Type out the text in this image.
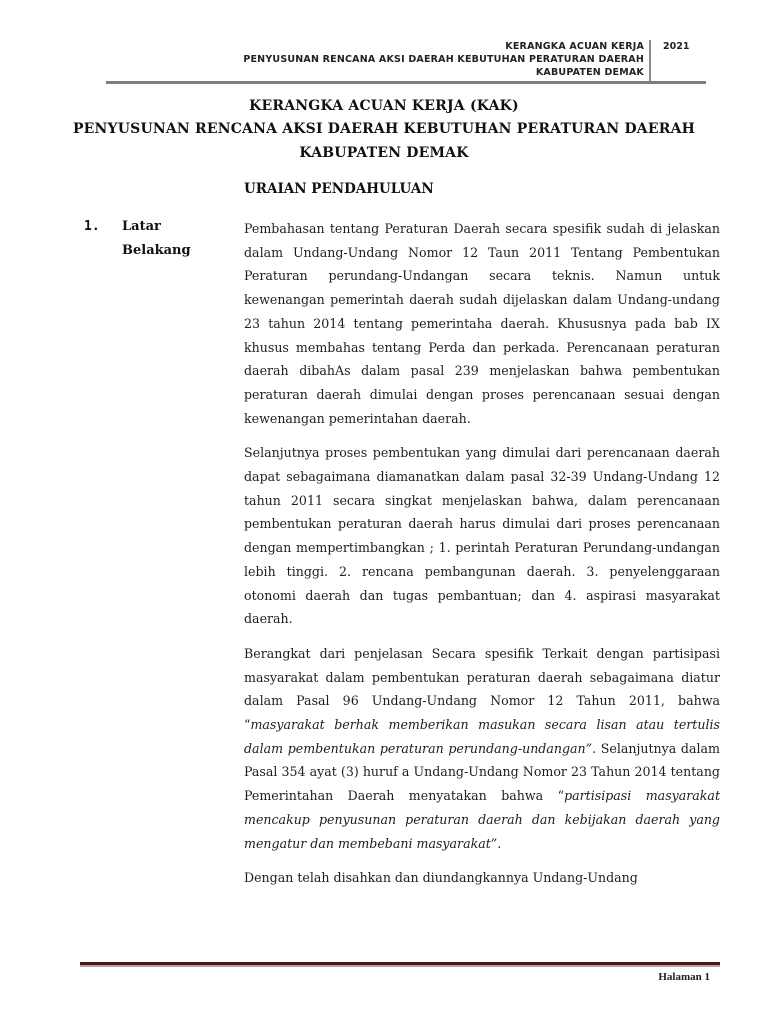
KERANGKA ACUAN KERJA
PENYUSUNAN RENCANA AKSI DAERAH KEBUTUHAN PERATURAN DAERAH
KABUPATEN DEMAK
2021
KERANGKA ACUAN KERJA (KAK)
PENYUSUNAN RENCANA AKSI DAERAH KEBUTUHAN PERATURAN DAERAH
KABUPATEN DEMAK
URAIAN PENDAHULUAN
1. Latar
Belakang

Pembahasan tentang Peraturan Daerah secara spesifik sudah di jelaskan dalam Undang-Undang Nomor 12 Taun 2011 Tentang Pembentukan Peraturan perundang-Undangan secara teknis. Namun untuk kewenangan pemerintah daerah sudah dijelaskan dalam Undang-undang 23 tahun 2014 tentang pemerintaha daerah. Khususnya pada bab IX khusus membahas tentang Perda dan perkada. Perencanaan peraturan daerah dibahAs dalam pasal 239 menjelaskan bahwa pembentukan peraturan daerah dimulai dengan proses perencanaan sesuai dengan kewenangan pemerintahan daerah.

Selanjutnya proses pembentukan yang dimulai dari perencanaan daerah dapat sebagaimana diamanatkan dalam pasal 32-39 Undang-Undang 12 tahun 2011 secara singkat menjelaskan bahwa, dalam perencanaan pembentukan peraturan daerah harus dimulai dari proses perencanaan dengan mempertimbangkan ; 1. perintah Peraturan Perundang-undangan lebih tinggi. 2. rencana pembangunan daerah. 3. penyelenggaraan otonomi daerah dan tugas pembantuan; dan 4. aspirasi masyarakat daerah.

Berangkat dari penjelasan Secara spesifik Terkait dengan partisipasi masyarakat dalam pembentukan peraturan daerah sebagaimana diatur dalam Pasal 96 Undang-Undang Nomor 12 Tahun 2011, bahwa “masyarakat berhak memberikan masukan secara lisan atau tertulis dalam pembentukan peraturan perundang-undangan”. Selanjutnya dalam Pasal 354 ayat (3) huruf a Undang-Undang Nomor 23 Tahun 2014 tentang Pemerintahan Daerah menyatakan bahwa “partisipasi masyarakat mencakup penyusunan peraturan daerah dan kebijakan daerah yang mengatur dan membebani masyarakat”.

Dengan telah disahkan dan diundangkannya Undang-Undang

Halaman 1
